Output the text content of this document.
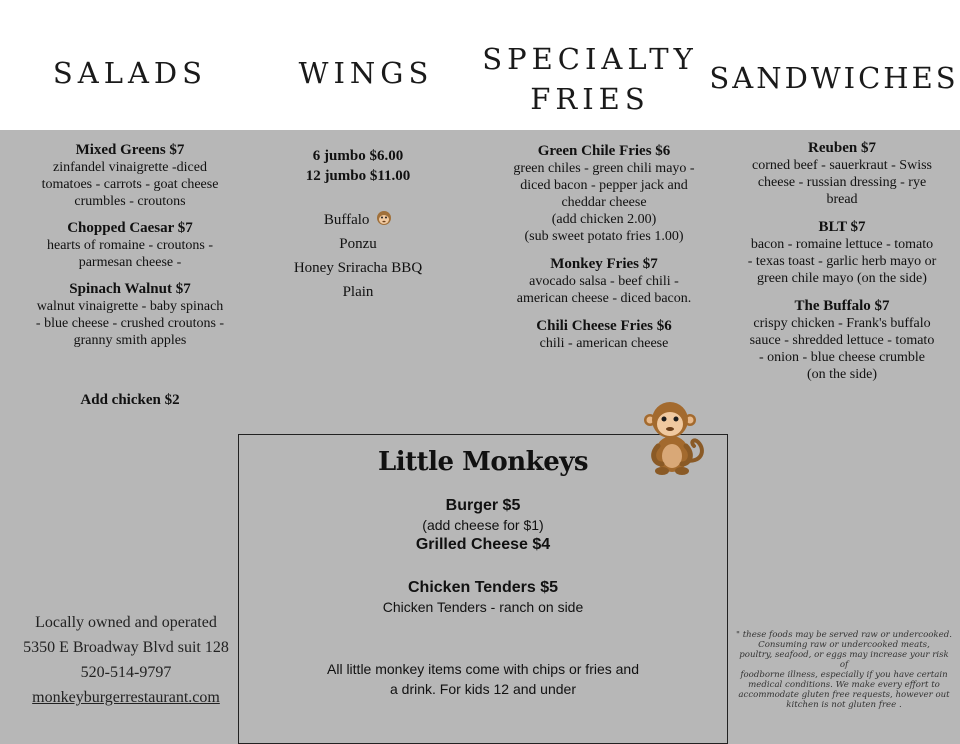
SALADS	WINGS	SPECIALTY
FRIES
SANDWICHES
Mixed Greens $7
zinfandel vinaigrette -diced
tomatoes - carrots - goat cheese
crumbles - croutons
Chopped Caesar $7
hearts of romaine - croutons -
parmesan cheese -
Spinach Walnut $7
walnut vinaigrette - baby spinach
- blue cheese - crushed croutons -
granny smith apples
Add chicken $2
6 jumbo $6.00
12 jumbo $11.00
Buffalo
Ponzu
Honey Sriracha BBQ
Plain
Green Chile Fries $6
green chiles - green chili mayo -
diced bacon - pepper jack and
cheddar cheese
(add chicken 2.00)
(sub sweet potato fries 1.00)
Monkey Fries $7
avocado salsa - beef chili -
american cheese - diced bacon.
Chili Cheese Fries $6
chili - american cheese
Reuben $7
corned beef - sauerkraut - Swiss
cheese - russian dressing - rye
bread
BLT $7
bacon - romaine lettuce - tomato
- texas toast - garlic herb mayo or
green chile mayo (on the side)
The Buffalo $7
crispy chicken - Frank's buffalo
sauce - shredded lettuce - tomato
- onion - blue cheese crumble
(on the side)
Little Monkeys
Burger $5
(add cheese for $1)
Grilled Cheese $4
Chicken Tenders $5
Chicken Tenders - ranch on side
All little monkey items come with chips or fries and
a drink. For kids 12 and under
Locally owned and operated
5350 E Broadway Blvd suit 128
520-514-9797
monkeyburgerrestaurant.com
" these foods may be served raw or undercooked.
Consuming raw or undercooked meats,
poultry, seafood, or eggs may increase your risk of
foodborne illness, especially if you have certain
medical conditions. We make every effort to
accommodate gluten free requests, however out
kitchen is not gluten free .
